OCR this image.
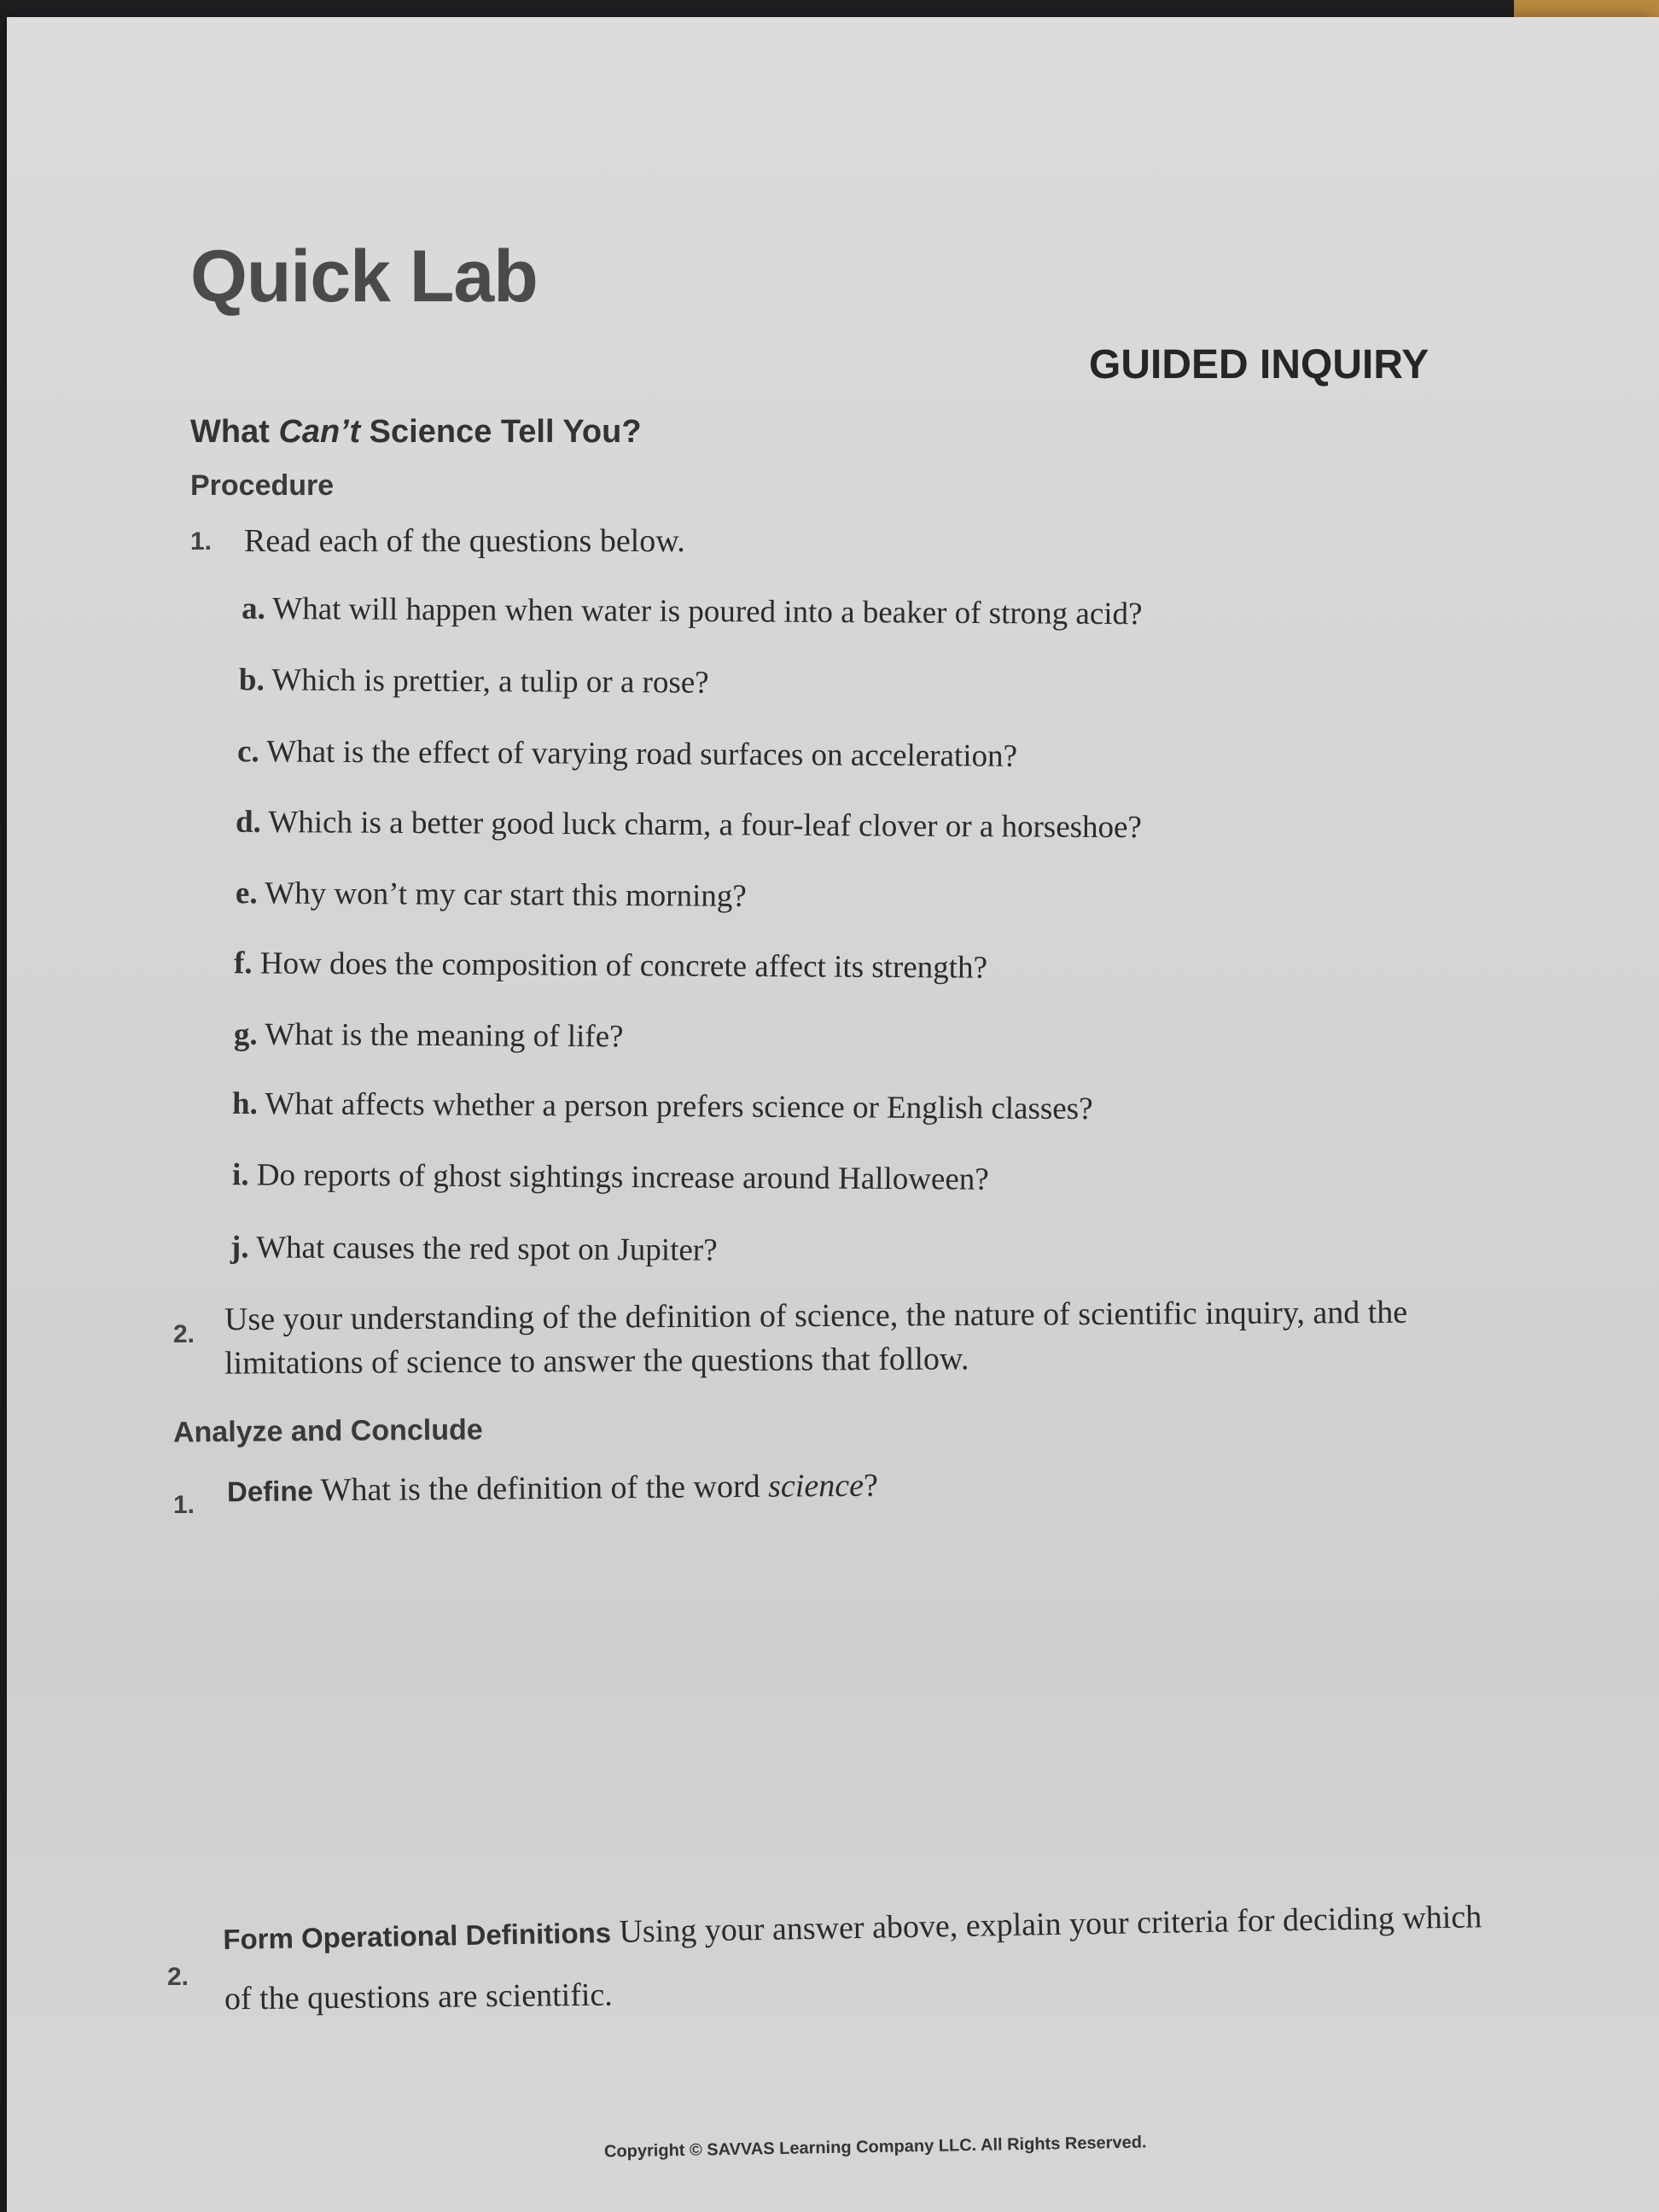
Quick Lab
GUIDED INQUIRY
What Can’t Science Tell You?
Procedure
1. Read each of the questions below.
a. What will happen when water is poured into a beaker of strong acid?
b. Which is prettier, a tulip or a rose?
c. What is the effect of varying road surfaces on acceleration?
d. Which is a better good luck charm, a four-leaf clover or a horseshoe?
e. Why won’t my car start this morning?
f. How does the composition of concrete affect its strength?
g. What is the meaning of life?
h. What affects whether a person prefers science or English classes?
i. Do reports of ghost sightings increase around Halloween?
j. What causes the red spot on Jupiter?
2. Use your understanding of the definition of science, the nature of scientific inquiry, and the
limitations of science to answer the questions that follow.
Analyze and Conclude
1. Define What is the definition of the word science?
2.
Form Operational Definitions Using your answer above, explain your criteria for deciding which
of the questions are scientific.
Copyright © SAVVAS Learning Company LLC. All Rights Reserved.
